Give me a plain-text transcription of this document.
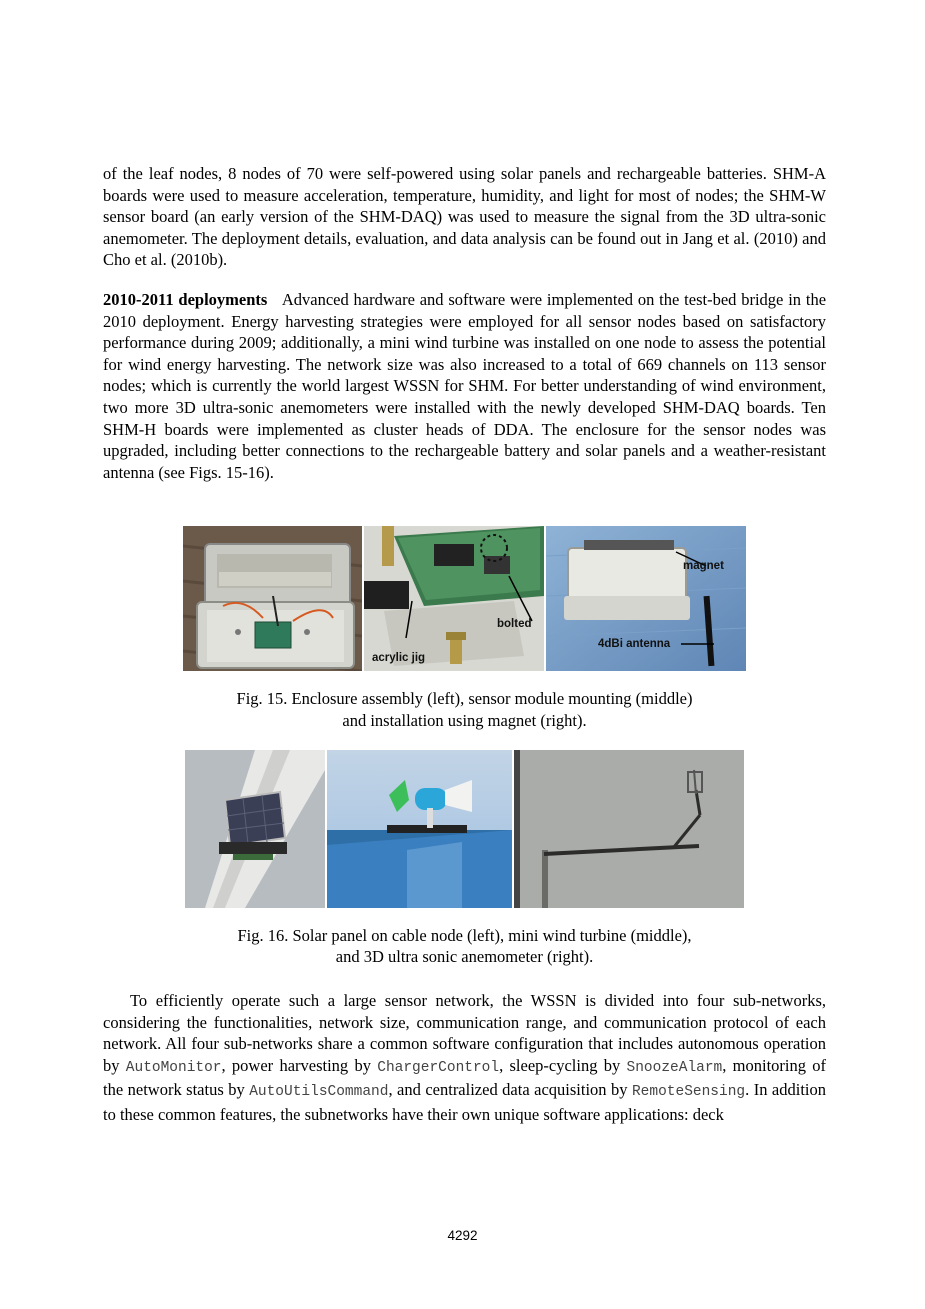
of the leaf nodes, 8 nodes of 70 were self-powered using solar panels and rechargeable batteries. SHM-A boards were used to measure acceleration, temperature, humidity, and light for most of nodes; the SHM-W sensor board (an early version of the SHM-DAQ) was used to measure the signal from the 3D ultra-sonic anemometer. The deployment details, evaluation, and data analysis can be found out in Jang et al. (2010) and Cho et al. (2010b).

2010-2011 deployments Advanced hardware and software were implemented on the test-bed bridge in the 2010 deployment. Energy harvesting strategies were employed for all sensor nodes based on satisfactory performance during 2009; additionally, a mini wind turbine was installed on one node to assess the potential for wind energy harvesting. The network size was also increased to a total of 669 channels on 113 sensor nodes; which is currently the world largest WSSN for SHM. For better understanding of wind environment, two more 3D ultra-sonic anemometers were installed with the newly developed SHM-DAQ boards. Ten SHM-H boards were implemented as cluster heads of DDA. The enclosure for the sensor nodes was upgraded, including better connections to the rechargeable battery and solar panels and a weather-resistant antenna (see Figs. 15-16).

bolted
acrylic jig
magnet
4dBi antenna

Fig. 15. Enclosure assembly (left), sensor module mounting (middle)

and installation using magnet (right).

Fig. 16. Solar panel on cable node (left), mini wind turbine (middle),

and 3D ultra sonic anemometer (right).

To efficiently operate such a large sensor network, the WSSN is divided into four sub-networks, considering the functionalities, network size, communication range, and communication protocol of each network. All four sub-networks share a common software configuration that includes autonomous operation by AutoMonitor, power harvesting by ChargerControl, sleep-cycling by SnoozeAlarm, monitoring of the network status by AutoUtilsCommand, and centralized data acquisition by RemoteSensing. In addition to these common features, the subnetworks have their own unique software applications: deck

4292
